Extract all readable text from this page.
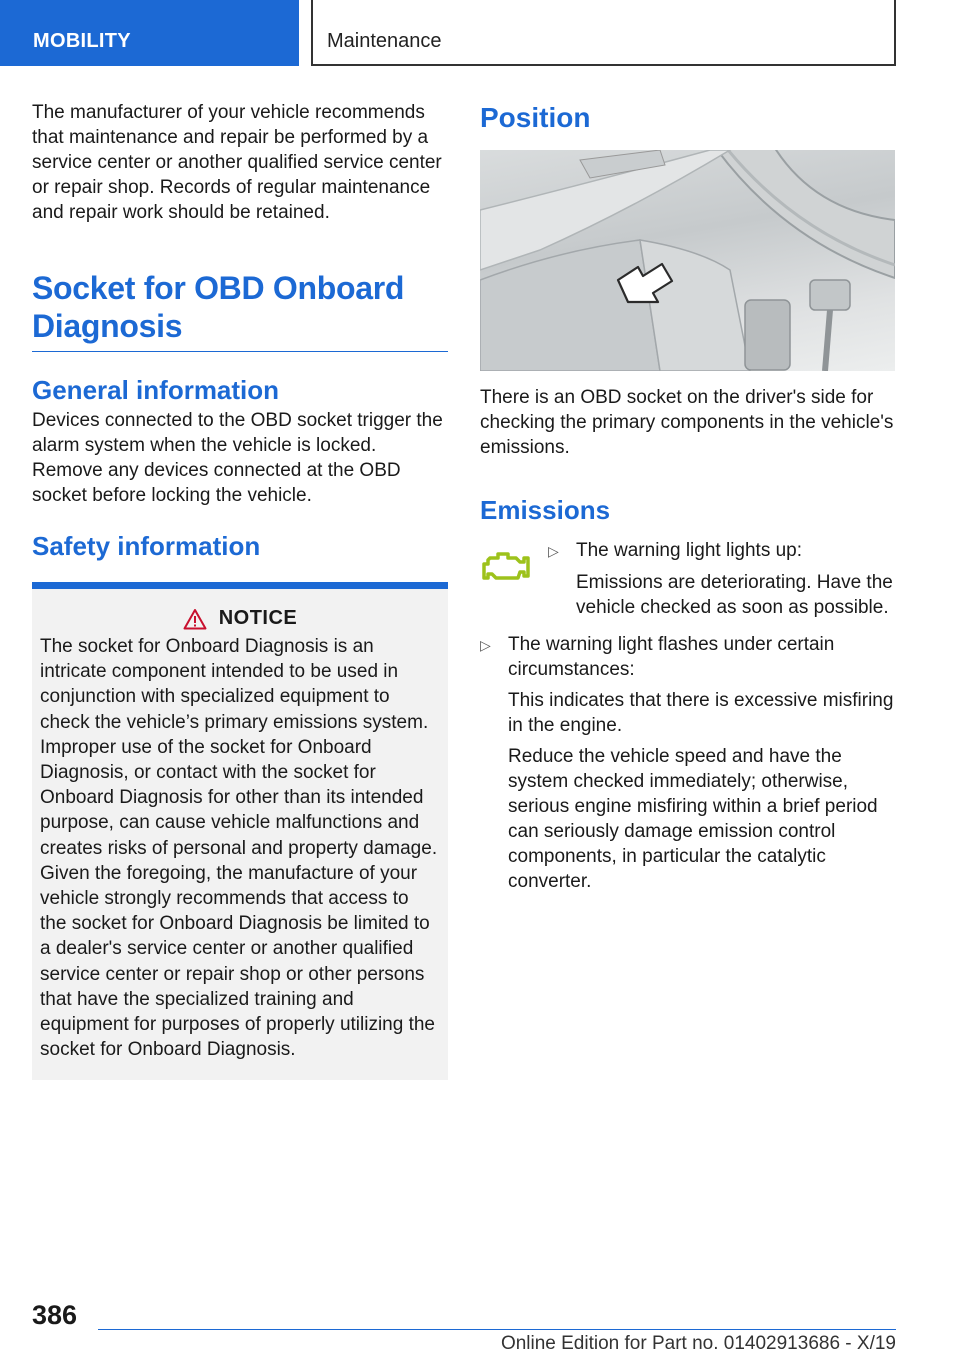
MOBILITY	Maintenance

The manufacturer of your vehicle recommends that maintenance and repair be performed by a service center or another qualified service center or repair shop. Records of regular maintenance and repair work should be retained.

Socket for OBD Onboard
Diagnosis
General information

Devices connected to the OBD socket trigger the alarm system when the vehicle is locked. Remove any devices connected at the OBD socket before locking the vehicle.

Safety information
NOTICE

The socket for Onboard Diagnosis is an intricate component intended to be used in conjunction with specialized equipment to check the vehicle’s primary emissions system. Improper use of the socket for Onboard Diagnosis, or contact with the socket for Onboard Diagnosis for other than its intended purpose, can cause vehicle malfunctions and creates risks of personal and property damage. Given the foregoing, the manufacture of your vehicle strongly recommends that access to the socket for Onboard Diagnosis be limited to a dealer's service center or another qualified service center or repair shop or other persons that have the specialized training and equipment for purposes of properly utilizing the socket for Onboard Diagnosis.

Position

There is an OBD socket on the driver's side for checking the primary components in the vehicle's emissions.

Emissions
▷ The warning light lights up:

Emissions are deteriorating. Have the vehicle checked as soon as possible.

▷ The warning light flashes under certain circumstances:

This indicates that there is excessive misfiring in the engine.

Reduce the vehicle speed and have the system checked immediately; otherwise, serious engine misfiring within a brief period can seriously damage emission control components, in particular the catalytic converter.

386
Online Edition for Part no. 01402913686 - X/19
